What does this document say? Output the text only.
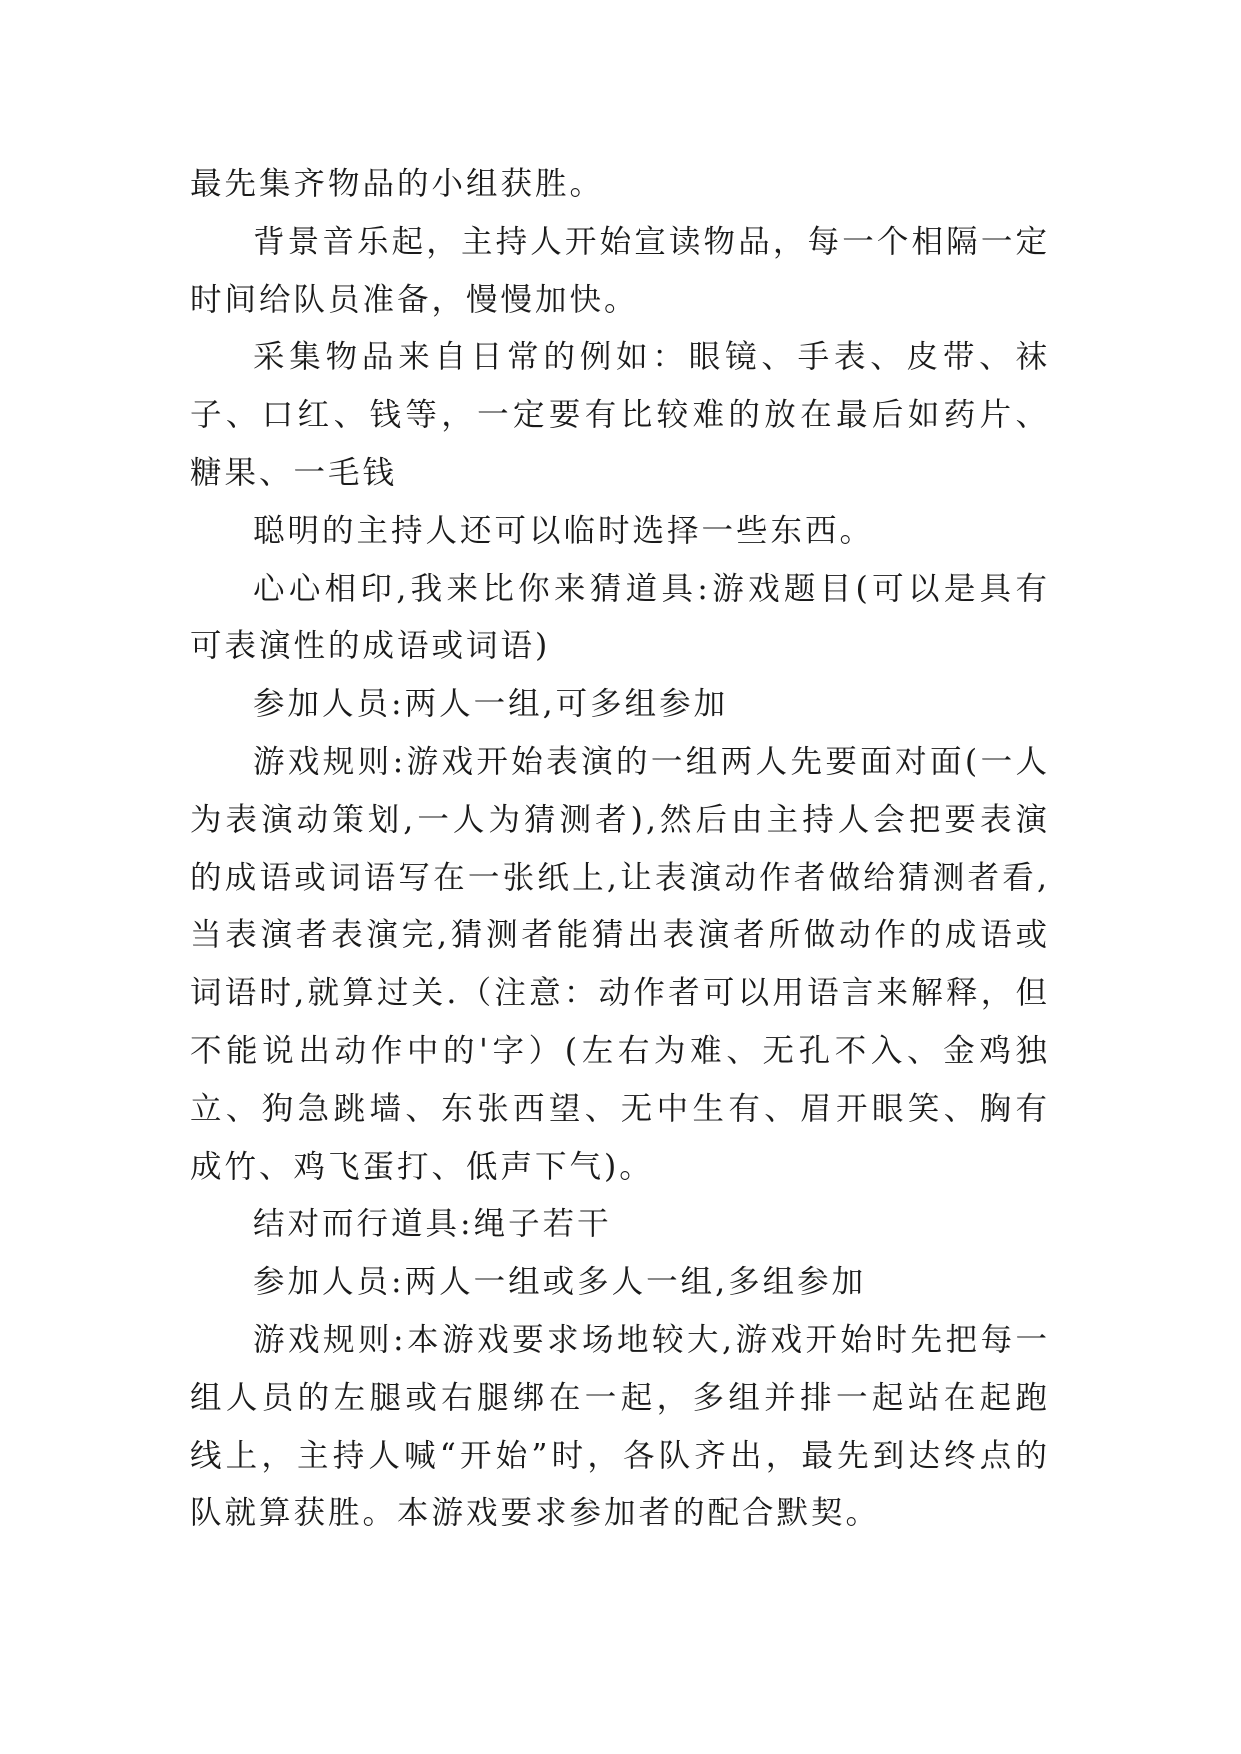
最先集齐物品的小组获胜。

背景音乐起，主持人开始宣读物品，每一个相隔一定时间给队员准备，慢慢加快。

采集物品来自日常的例如：眼镜、手表、皮带、袜子、口红、钱等，一定要有比较难的放在最后如药片、糖果、一毛钱

聪明的主持人还可以临时选择一些东西。

心心相印,我来比你来猜道具:游戏题目(可以是具有可表演性的成语或词语)

参加人员:两人一组,可多组参加

游戏规则:游戏开始表演的一组两人先要面对面(一人为表演动策划,一人为猜测者),然后由主持人会把要表演的成语或词语写在一张纸上,让表演动作者做给猜测者看,当表演者表演完,猜测者能猜出表演者所做动作的成语或词语时,就算过关.（注意：动作者可以用语言来解释，但不能说出动作中的'字）(左右为难、无孔不入、金鸡独立、狗急跳墙、东张西望、无中生有、眉开眼笑、胸有成竹、鸡飞蛋打、低声下气)。

结对而行道具:绳子若干

参加人员:两人一组或多人一组,多组参加

游戏规则:本游戏要求场地较大,游戏开始时先把每一组人员的左腿或右腿绑在一起，多组并排一起站在起跑线上，主持人喊“开始”时，各队齐出，最先到达终点的队就算获胜。本游戏要求参加者的配合默契。
